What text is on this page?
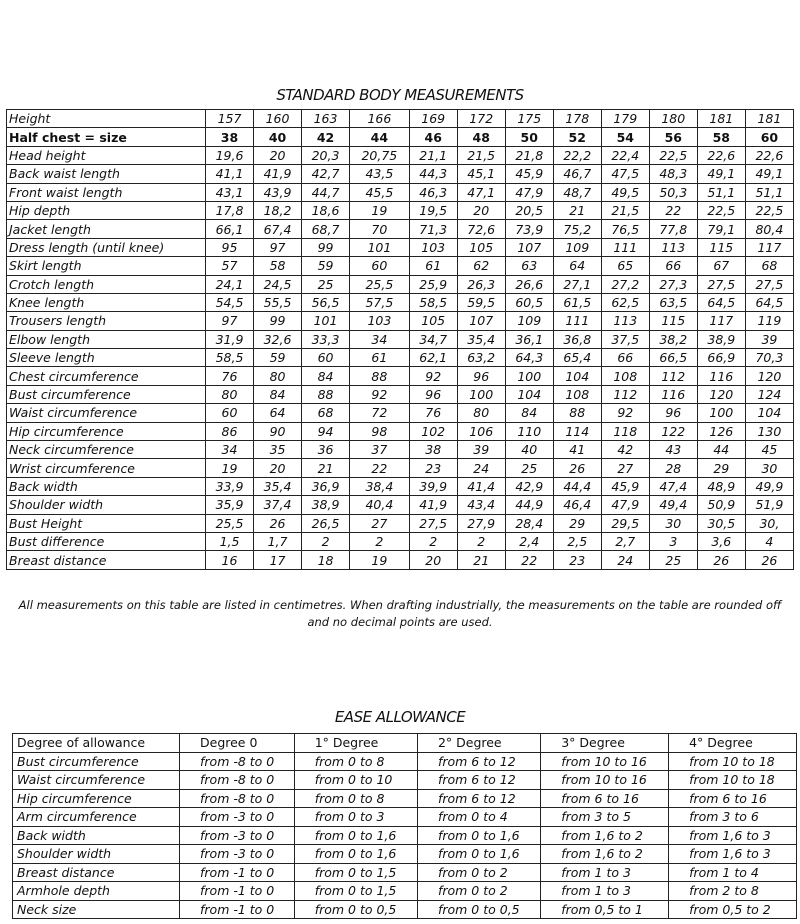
STANDARD BODY MEASUREMENTS
Height	157	160	163	166	169	172	175	178	179	180	181	181
Half chest = size	38	40	42	44	46	48	50	52	54	56	58	60
Head height	19,6	20	20,3	20,75	21,1	21,5	21,8	22,2	22,4	22,5	22,6	22,6
Back waist length	41,1	41,9	42,7	43,5	44,3	45,1	45,9	46,7	47,5	48,3	49,1	49,1
Front waist length	43,1	43,9	44,7	45,5	46,3	47,1	47,9	48,7	49,5	50,3	51,1	51,1
Hip depth	17,8	18,2	18,6	19	19,5	20	20,5	21	21,5	22	22,5	22,5
Jacket length	66,1	67,4	68,7	70	71,3	72,6	73,9	75,2	76,5	77,8	79,1	80,4
Dress length (until knee)	95	97	99	101	103	105	107	109	111	113	115	117
Skirt length	57	58	59	60	61	62	63	64	65	66	67	68
Crotch length	24,1	24,5	25	25,5	25,9	26,3	26,6	27,1	27,2	27,3	27,5	27,5
Knee length	54,5	55,5	56,5	57,5	58,5	59,5	60,5	61,5	62,5	63,5	64,5	64,5
Trousers length	97	99	101	103	105	107	109	111	113	115	117	119
Elbow length	31,9	32,6	33,3	34	34,7	35,4	36,1	36,8	37,5	38,2	38,9	39
Sleeve length	58,5	59	60	61	62,1	63,2	64,3	65,4	66	66,5	66,9	70,3
Chest circumference	76	80	84	88	92	96	100	104	108	112	116	120
Bust circumference	80	84	88	92	96	100	104	108	112	116	120	124
Waist circumference	60	64	68	72	76	80	84	88	92	96	100	104
Hip circumference	86	90	94	98	102	106	110	114	118	122	126	130
Neck circumference	34	35	36	37	38	39	40	41	42	43	44	45
Wrist circumference	19	20	21	22	23	24	25	26	27	28	29	30
Back width	33,9	35,4	36,9	38,4	39,9	41,4	42,9	44,4	45,9	47,4	48,9	49,9
Shoulder width	35,9	37,4	38,9	40,4	41,9	43,4	44,9	46,4	47,9	49,4	50,9	51,9
Bust Height	25,5	26	26,5	27	27,5	27,9	28,4	29	29,5	30	30,5	30,
Bust difference	1,5	1,7	2	2	2	2	2,4	2,5	2,7	3	3,6	4
Breast distance	16	17	18	19	20	21	22	23	24	25	26	26
All measurements on this table are listed in centimetres. When drafting industrially, the measurements on the table are rounded off and no decimal points are used.
EASE ALLOWANCE
Degree of allowance	Degree 0	1° Degree	2° Degree	3° Degree	4° Degree
Bust circumference	from -8 to 0	from 0 to 8	from 6 to 12	from 10 to 16	from 10 to 18
Waist circumference	from -8 to 0	from 0 to 10	from 6 to 12	from 10 to 16	from 10 to 18
Hip circumference	from -8 to 0	from 0 to 8	from 6 to 12	from 6 to 16	from 6 to 16
Arm circumference	from -3 to 0	from 0 to 3	from 0 to 4	from 3 to 5	from 3 to 6
Back width	from -3 to 0	from 0 to 1,6	from 0 to 1,6	from 1,6 to 2	from 1,6 to 3
Shoulder width	from -3 to 0	from 0 to 1,6	from 0 to 1,6	from 1,6 to 2	from 1,6 to 3
Breast distance	from -1 to 0	from 0 to 1,5	from 0 to 2	from 1 to 3	from 1 to 4
Armhole depth	from -1 to 0	from 0 to 1,5	from 0 to 2	from 1 to 3	from 2 to 8
Neck size	from -1 to 0	from 0 to 0,5	from 0 to 0,5	from 0,5 to 1	from 0,5 to 2
